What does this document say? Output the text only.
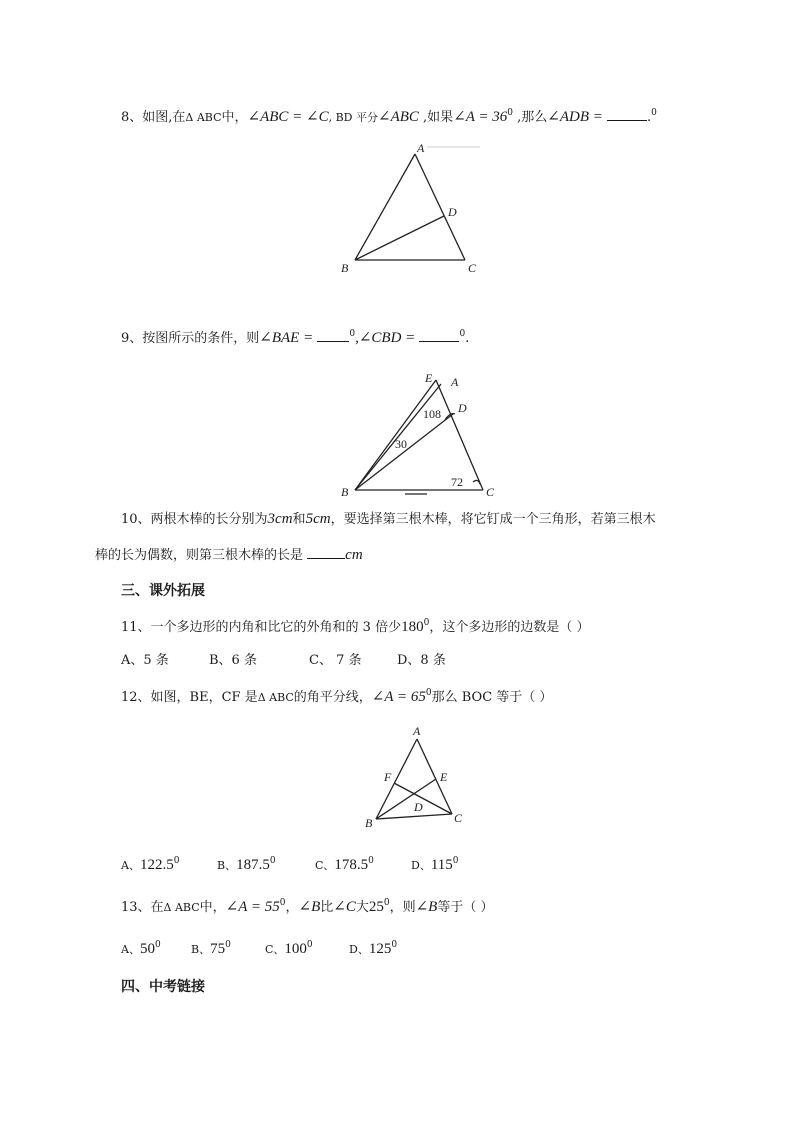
8、如图,在Δ ABC中，∠ABC = ∠C, BD 平分∠ABC ,如果∠A = $36^0$ ,那么∠ADB =	.$^0$
A
B	C
D
9、按图所示的条件，则∠BAE =	$^0$,∠CBD =	$^0$.
E A
D
B	C
108
30
72
10、两根木棒的长分别为3cm和5cm，要选择第三根木棒，将它钉成一个三角形，若第三根木
棒的长为偶数，则第三根木棒的长是	cm
三、课外拓展
11、一个多边形的内角和比它的外角和的 3 倍少$180^0$，这个多边形的边数是（ ）
A、5 条	B、6 条	C、 7 条	D、8 条
12、如图，BE，CF 是Δ ABC的角平分线，∠A = $65^0$那么 BOC 等于（ ）
A
F	E
D
B	C
A、122.5$^0$	B、187.5$^0$	C、178.5$^0$	D、$115^0$
13、在Δ ABC中，∠A = $55^0$，∠B比∠C大$25^0$，则∠B等于（ ）
A、$50^0$	B、$75^0$	C、$100^0$	D、$125^0$
四、中考链接
